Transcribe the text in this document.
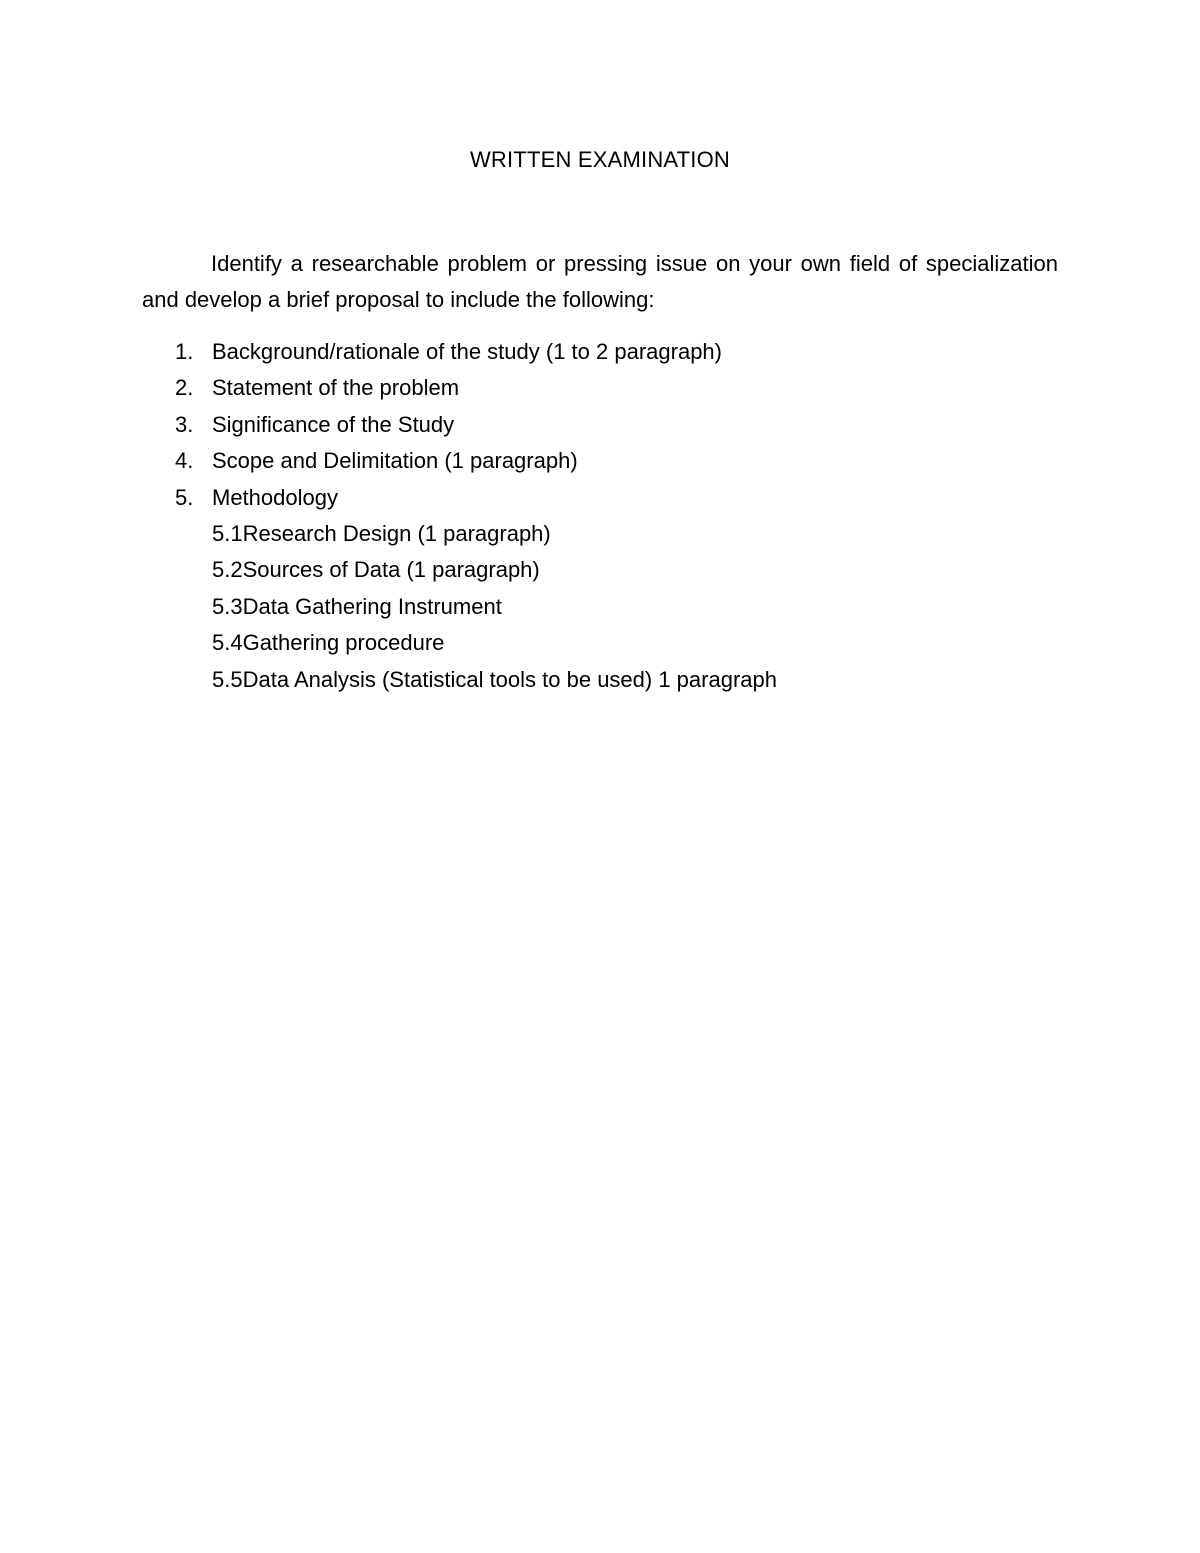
WRITTEN EXAMINATION

Identify a researchable problem or pressing issue on your own field of specialization and develop a brief proposal to include the following:

1. Background/rationale of the study (1 to 2 paragraph)
2. Statement of the problem
3. Significance of the Study
4. Scope and Delimitation (1 paragraph)
5. Methodology
5.1Research Design (1 paragraph)
5.2Sources of Data (1 paragraph)
5.3Data Gathering Instrument
5.4Gathering procedure
5.5Data Analysis (Statistical tools to be used) 1 paragraph
